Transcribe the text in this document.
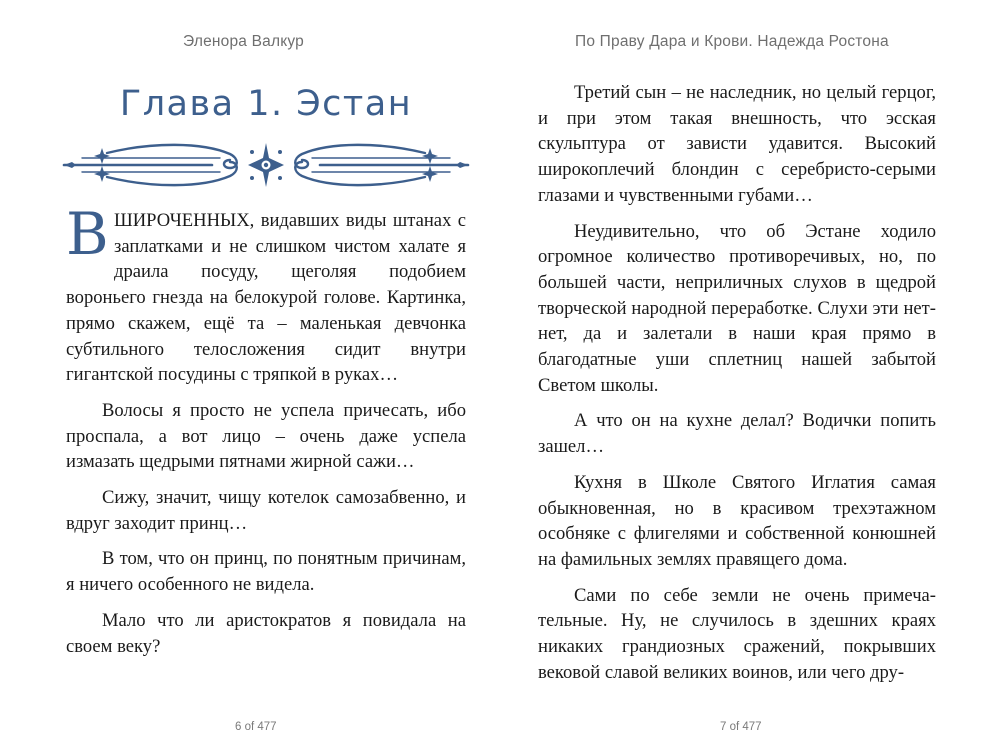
Эленора Валкур
Глава 1. Эстан

ВШИРОЧЕННЫХ, видавших виды штанах с заплатками и не слишком чистом халате я драила посуду, щеголяя подобием вороньего гнезда на белокурой голове. Картинка, прямо скажем, ещё та – маленькая девчонка субтильного телосложения сидит внутри гигантской посудины с тряпкой в руках…

Волосы я просто не успела причесать, ибо проспала, а вот лицо – очень даже успела измазать щедрыми пятнами жирной сажи…

Сижу, значит, чищу котелок самозабвенно, и вдруг заходит принц…

В том, что он принц, по понятным причинам, я ничего особенного не видела.

Мало что ли аристократов я повидала на своем веку?

6 of 477
По Праву Дара и Крови. Надежда Ростона

Третий сын – не наследник, но целый герцог, и при этом такая внешность, что эсская скульптура от зависти удавится. Высокий широкоплечий блондин с серебристо-серыми глазами и чувственными губами…

Неудивительно, что об Эстане ходило огромное количество противоречивых, но, по большей части, неприличных слухов в щедрой творческой народной переработке. Слухи эти нет-нет, да и залетали в наши края прямо в благодатные уши сплетниц нашей забытой Светом школы.

А что он на кухне делал? Водички попить зашел…

Кухня в Школе Святого Иглатия самая обыкновенная, но в красивом трехэтажном особняке с флигелями и собственной конюшней на фамильных землях правящего дома.

Сами по себе земли не очень примечательные. Ну, не случилось в здешних краях никаких грандиозных сражений, покрывших вековой славой великих воинов, или чего дру-

7 of 477
